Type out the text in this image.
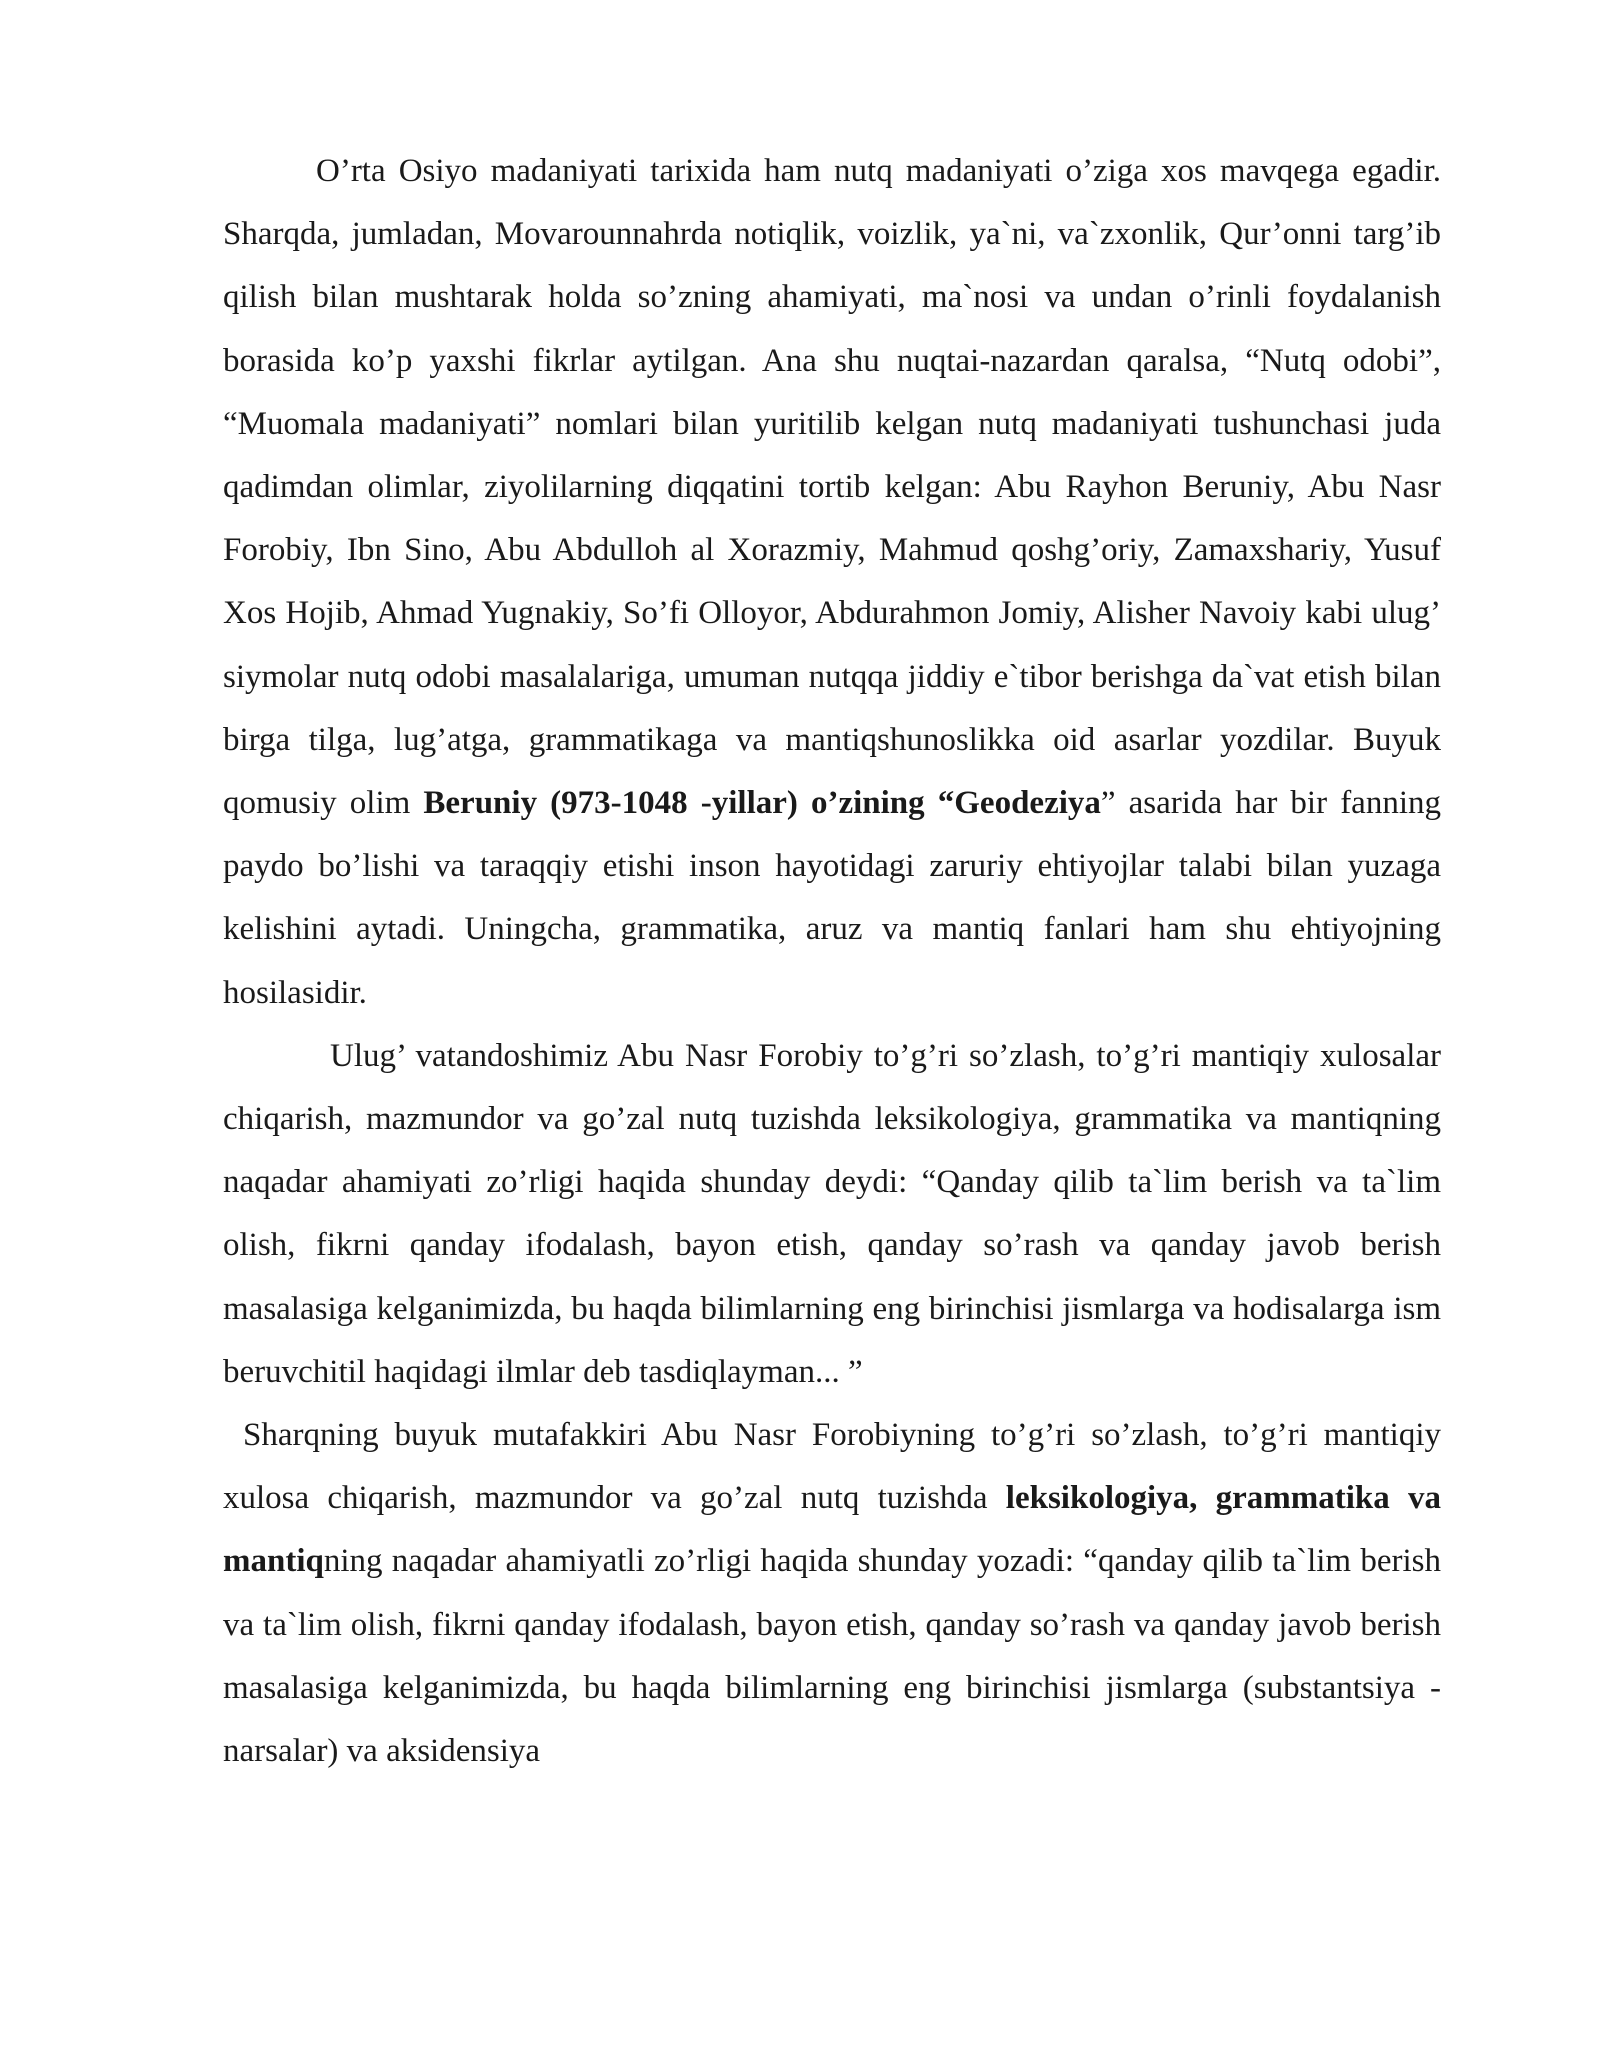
O’rta Osiyo madaniyati tarixida ham nutq madaniyati o’ziga xos mavqega egadir. Sharqda, jumladan, Movarounnahrda notiqlik, voizlik, ya`ni, va`zxonlik, Qur’onni targ’ib qilish bilan mushtarak holda so’zning ahamiyati, ma`nosi va undan o’rinli foydalanish borasida ko’p yaxshi fikrlar aytilgan. Ana shu nuqtai-nazardan qaralsa, “Nutq odobi”, “Muomala madaniyati” nomlari bilan yuritilib kelgan nutq madaniyati tushunchasi juda qadimdan olimlar, ziyolilarning diqqatini tortib kelgan: Abu Rayhon Beruniy, Abu Nasr Forobiy, Ibn Sino, Abu Abdulloh al Xorazmiy, Mahmud qoshg’oriy, Zamaxshariy, Yusuf Xos Hojib, Ahmad Yugnakiy, So’fi Olloyor, Abdurahmon Jomiy, Alisher Navoiy kabi ulug’ siymolar nutq odobi masalalariga, umuman nutqqa jiddiy e`tibor berishga da`vat etish bilan birga tilga, lug’atga, grammatikaga va mantiqshunoslikka oid asarlar yozdilar. Buyuk qomusiy olim Beruniy (973-1048 -yillar) o’zining “Geodeziya” asarida har bir fanning paydo bo’lishi va taraqqiy etishi inson hayotidagi zaruriy ehtiyojlar talabi bilan yuzaga kelishini aytadi. Uningcha, grammatika, aruz va mantiq fanlari ham shu ehtiyojning hosilasidir.

Ulug’ vatandoshimiz Abu Nasr Forobiy to’g’ri so’zlash, to’g’ri mantiqiy xulosalar chiqarish, mazmundor va go’zal nutq tuzishda leksikologiya, grammatika va mantiqning naqadar ahamiyati zo’rligi haqida shunday deydi: “Qanday qilib ta`lim berish va ta`lim olish, fikrni qanday ifodalash, bayon etish, qanday so’rash va qanday javob berish masalasiga kelganimizda, bu haqda bilimlarning eng birinchisi jismlarga va hodisalarga ism beruvchitil haqidagi ilmlar deb tasdiqlayman... ”

Sharqning buyuk mutafakkiri Abu Nasr Forobiyning to’g’ri so’zlash, to’g’ri mantiqiy xulosa chiqarish, mazmundor va go’zal nutq tuzishda leksikologiya, grammatika va mantiqning naqadar ahamiyatli zo’rligi haqida shunday yozadi: “qanday qilib ta`lim berish va ta`lim olish, fikrni qanday ifodalash, bayon etish, qanday so’rash va qanday javob berish masalasiga kelganimizda, bu haqda bilimlarning eng birinchisi jismlarga (substantsiya -narsalar) va aksidensiya
